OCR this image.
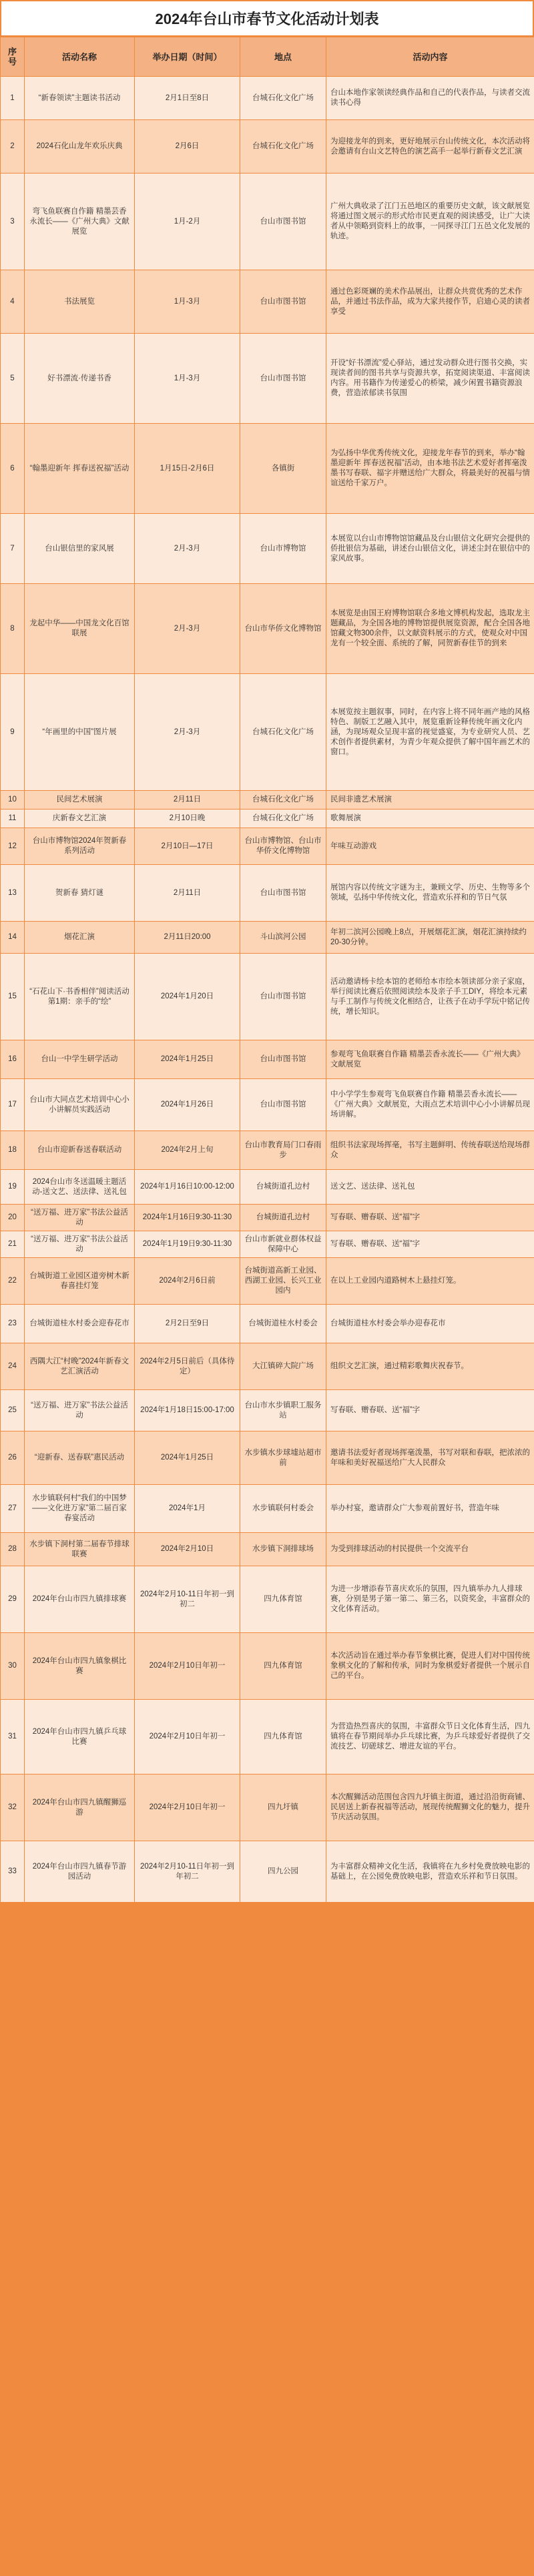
2024年台山市春节文化活动计划表
序号	活动名称	举办日期（时间）	地点	活动内容
1	“新春领读”主题读书活动	2月1日至8日	台城石化文化广场	台山本地作家领读经典作品和自己的代表作品，与读者交流读书心得
2	2024石化山龙年欢乐庆典	2月6日	台城石化文化广场	为迎接龙年的到来，更好地展示台山传统文化，本次活动将会邀请有台山文艺特色的演艺高手一起举行新春文艺汇演
3	弯飞鱼联赛自作籍 精墨芸香永流长——《广州大典》文献展览	1月-2月	台山市图书馆	广州大典收录了江门五邑地区的重要历史文献，该文献展览将通过图文展示的形式给市民更直观的阅读感受，让广大读者从中领略到资料上的故事，一同探寻江门五邑文化发展的轨迹。
4	书法展览	1月-3月	台山市图书馆	通过色彩斑斓的美术作品展出，让群众共赏优秀的艺术作品，并通过书法作品，成为大家共接作节，启迪心灵的读者享受
5	好书漂流·传递书香	1月-3月	台山市图书馆	开设“好书漂流”爱心驿站，通过发动群众进行图书交换，实现读者间的图书共享与资源共享，拓宽阅读渠道、丰富阅读内容。用书籍作为传递爱心的桥梁，减少闲置书籍资源浪费，营造浓郁读书氛围
6	“翰墨迎新年 挥春送祝福”活动	1月15日-2月6日	各镇街	为弘扬中华优秀传统文化，迎接龙年春节的到来，举办“翰墨迎新年 挥春送祝福”活动，由本地书法艺术爱好者挥毫泼墨书写春联、福字并赠送给广大群众，将最美好的祝福与情谊送给千家万户。
7	台山银信里的家风展	2月-3月	台山市博物馆	本展览以台山市博物馆馆藏品及台山银信文化研究会提供的侨批银信为基础，讲述台山银信文化，讲述尘封在银信中的家风故事。
8	龙起中华——中国龙文化百馆联展	2月-3月	台山市华侨文化博物馆	本展览是由国王府博物馆联合多地文博机构发起，选取龙主题藏品，为全国各地的博物馆提供展览资源，配合全国各地馆藏文物300余件，以文献资料展示的方式，使观众对中国龙有一个较全面、系统的了解，同贺新春佳节的到来
9	“年画里的中国”图片展	2月-3月	台城石化文化广场	本展览按主题叙事，同时，在内容上将不同年画产地的风格特色、制版工艺融入其中，展览重新诠释传统年画文化内涵，为现场观众呈现丰富的视觉盛宴，为专业研究人员、艺术创作者提供素材，为青少年观众提供了解中国年画艺术的窗口。
10	民间艺术展演	2月11日	台城石化文化广场	民间非遗艺术展演
11	庆新春文艺汇演	2月10日晚	台城石化文化广场	歌舞展演
12	台山市博物馆2024年贺新春系列活动	2月10日—17日	台山市博物馆、台山市华侨文化博物馆	年味互动游戏
13	贺新春 猜灯谜	2月11日	台山市图书馆	展馆内容以传统文字谜为主，兼顾文学、历史、生物等多个领域，弘扬中华传统文化，营造欢乐祥和的节日气氛
14	烟花汇演	2月11日20:00	斗山滨河公园	年初二滨河公园晚上8点，开展烟花汇演，烟花汇演持续约20-30分钟。
15	“石花山下·书香相伴”阅读活动 第1期：亲手的“绘”	2024年1月20日	台山市图书馆	活动邀请杨卡绘本馆的老师给本市绘本领读部分亲子家庭，举行阅读比赛后依照阅读绘本及亲子手工DIY，将绘本元素与手工制作与传统文化相结合，让孩子在动手学玩中铭记传统，增长知识。
16	台山一中学生研学活动	2024年1月25日	台山市图书馆	参观弯飞鱼联赛自作籍 精墨芸香永流长——《广州大典》文献展览
17	台山市大同点艺术培训中心小小讲解员实践活动	2024年1月26日	台山市图书馆	中小学学生参观弯飞鱼联赛自作籍 精墨芸香永流长——《广州大典》文献展览，大雨点艺术培训中心小小讲解员现场讲解。
18	台山市迎新春送春联活动	2024年2月上旬	台山市教育局门口春雨步	组织书法家现场挥毫，书写主题鲜明、传统春联送给现场群众
19	2024台山市冬送温暖主题活动-送文艺、送法律、送礼包	2024年1月16日10:00-12:00	台城街道孔边村	送文艺、送法律、送礼包
20	“送万福、进万家”书法公益活动	2024年1月16日9:30-11:30	台城街道孔边村	写春联、赠春联、送“福”字
21	“送万福、进万家”书法公益活动	2024年1月19日9:30-11:30	台山市新就业群体权益保障中心	写春联、赠春联、送“福”字
22	台城街道工业园区道旁树木新春喜挂灯笼	2024年2月6日前	台城街道高新工业园、西湖工业园、长兴工业园内	在以上工业园内道路树木上悬挂灯笼。
23	台城街道桂水村委会迎春花市	2月2日至9日	台城街道桂水村委会	台城街道桂水村委会举办迎春花市
24	西隅大江“村晚”2024年新春文艺汇演活动	2024年2月5日前后（具体待定）	大江镇碎大院广场	组织文艺汇演，通过精彩歌舞庆祝春节。
25	“送万福、进万家”书法公益活动	2024年1月18日15:00-17:00	台山市水步镇职工服务站	写春联、赠春联、送“福”字
26	“迎新春、送春联”惠民活动	2024年1月25日	水步镇水步球墟站超市前	邀请书法爱好者现场挥毫泼墨，书写对联和春联，把浓浓的年味和美好祝福送给广大人民群众
27	水步镇联何村“我们的中国梦——文化进万家”第二届百家春宴活动	2024年1月	水步镇联何村委会	举办村宴，邀请群众广大参观前置好书，营造年味
28	水步镇下洞村第二届春节排球联赛	2024年2月10日	水步镇下洞排球场	为受到排球活动的村民提供一个交流平台
29	2024年台山市四九镇排球赛	2024年2月10-11日年初一到初二	四九体育馆	为进一步增添春节喜庆欢乐的氛围，四九镇举办九人排球赛，分别是男子第一第二、第三名，以资奖金，丰富群众的文化体育活动。
30	2024年台山市四九镇象棋比赛	2024年2月10日年初一	四九体育馆	本次活动旨在通过举办春节象棋比赛，促进人们对中国传统象棋文化的了解和传承，同时为象棋爱好者提供一个展示自己的平台。
31	2024年台山市四九镇乒乓球比赛	2024年2月10日年初一	四九体育馆	为营造热烈喜庆的氛围，丰富群众节日文化体育生活，四九镇将在春节期间举办乒乓球比赛，为乒乓球爱好者提供了交流技艺、切磋球艺、增进友谊的平台。
32	2024年台山市四九镇醒狮巡游	2024年2月10日年初一	四九圩镇	本次醒狮活动范围包含四九圩镇主街道，通过沿沿街商铺、民居送上新春祝福等活动，展现传统醒狮文化的魅力，提升节庆活动氛围。
33	2024年台山市四九镇春节游园活动	2024年2月10-11日年初一到年初二	四九公园	为丰富群众精神文化生活，我镇将在九乡村免费放映电影的基础上，在公园免费放映电影，营造欢乐祥和节日氛围。
